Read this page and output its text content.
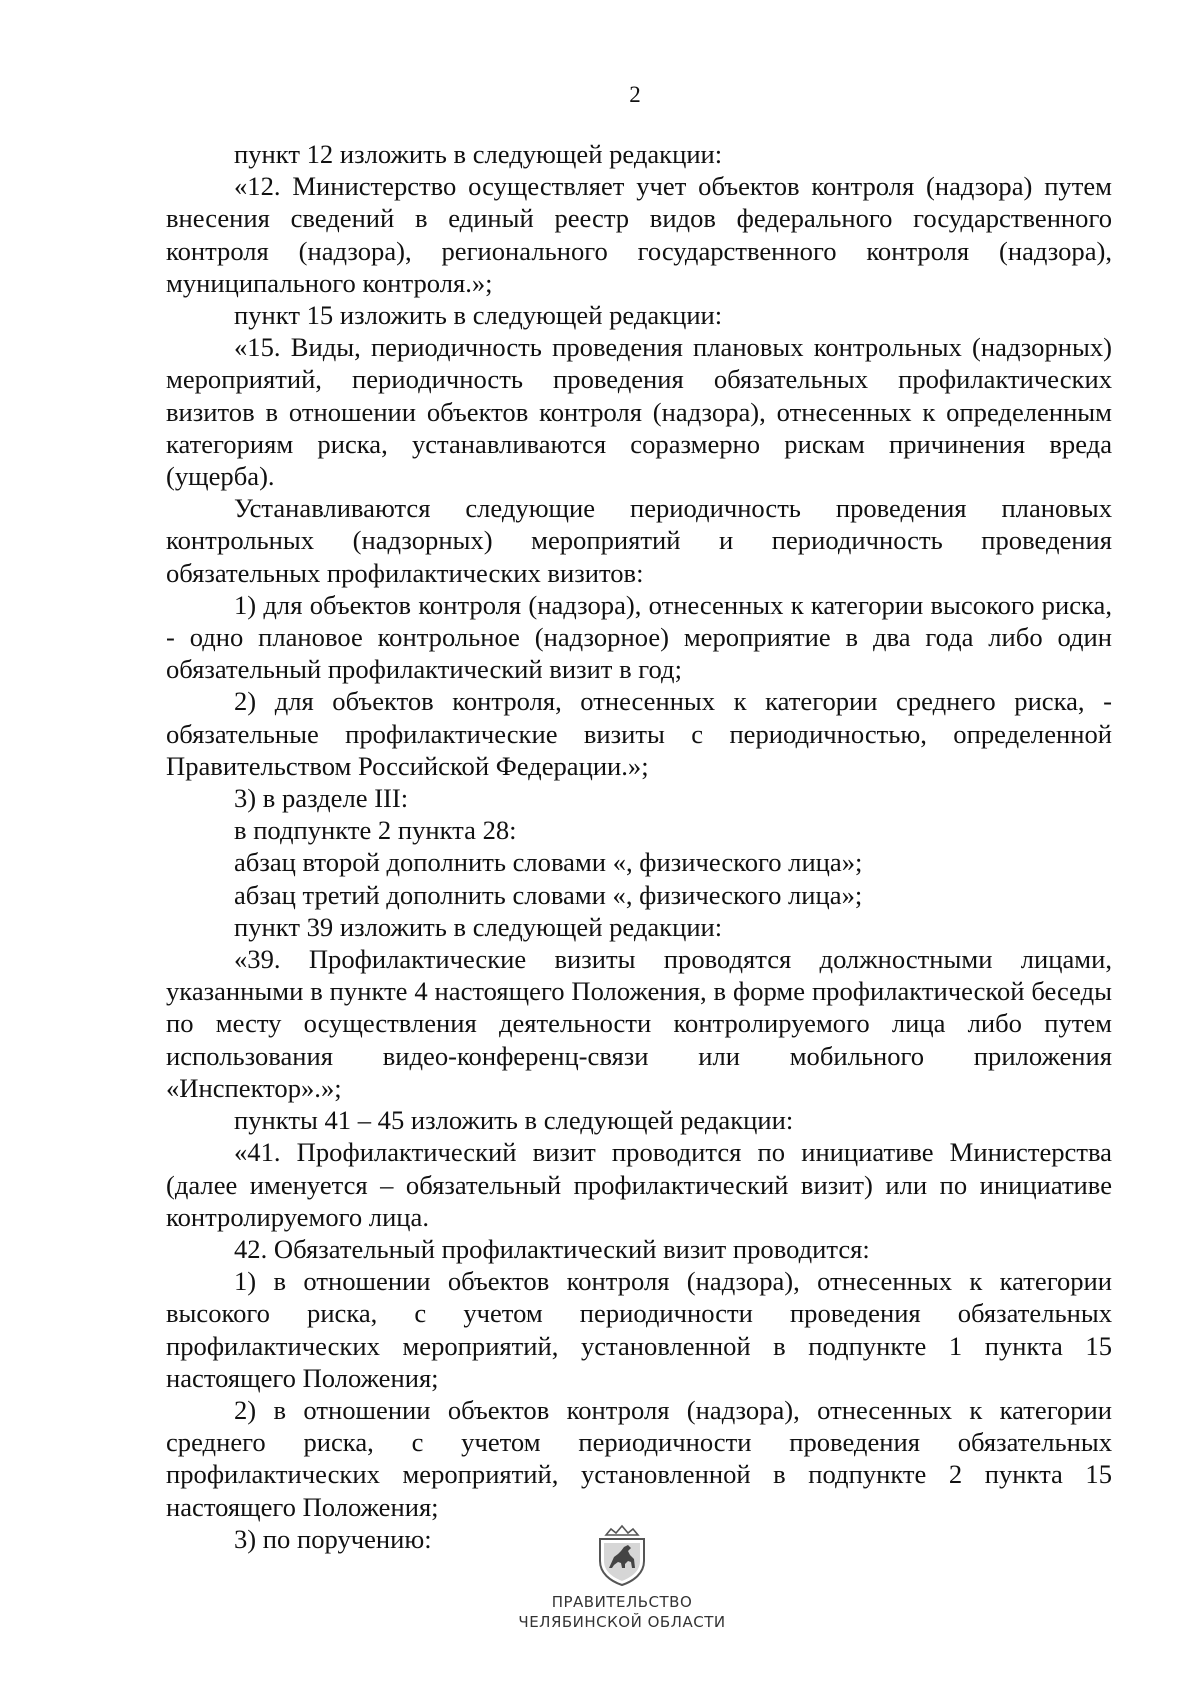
2

пункт 12 изложить в следующей редакции:

«12. Министерство осуществляет учет объектов контроля (надзора) путем внесения сведений в единый реестр видов федерального государственного контроля (надзора), регионального государственного контроля (надзора), муниципального контроля.»;

пункт 15 изложить в следующей редакции:

«15. Виды, периодичность проведения плановых контрольных (надзорных) мероприятий, периодичность проведения обязательных профилактических визитов в отношении объектов контроля (надзора), отнесенных к определенным категориям риска, устанавливаются соразмерно рискам причинения вреда (ущерба).

Устанавливаются следующие периодичность проведения плановых контрольных (надзорных) мероприятий и периодичность проведения обязательных профилактических визитов:

1) для объектов контроля (надзора), отнесенных к категории высокого риска, - одно плановое контрольное (надзорное) мероприятие в два года либо один обязательный профилактический визит в год;

2) для объектов контроля, отнесенных к категории среднего риска, - обязательные профилактические визиты с периодичностью, определенной Правительством Российской Федерации.»;

3) в разделе III:

в подпункте 2 пункта 28:

абзац второй дополнить словами «, физического лица»;

абзац третий дополнить словами «, физического лица»;

пункт 39 изложить в следующей редакции:

«39. Профилактические визиты проводятся должностными лицами, указанными в пункте 4 настоящего Положения, в форме профилактической беседы по месту осуществления деятельности контролируемого лица либо путем использования видео-конференц-связи или мобильного приложения «Инспектор».»;

пункты 41 – 45 изложить в следующей редакции:

«41. Профилактический визит проводится по инициативе Министерства (далее именуется – обязательный профилактический визит) или по инициативе контролируемого лица.

42. Обязательный профилактический визит проводится:

1) в отношении объектов контроля (надзора), отнесенных к категории высокого риска, с учетом периодичности проведения обязательных профилактических мероприятий, установленной в подпункте 1 пункта 15 настоящего Положения;

2) в отношении объектов контроля (надзора), отнесенных к категории среднего риска, с учетом периодичности проведения обязательных профилактических мероприятий, установленной в подпункте 2 пункта 15 настоящего Положения;

3) по поручению:

ПРАВИТЕЛЬСТВО
ЧЕЛЯБИНСКОЙ ОБЛАСТИ
